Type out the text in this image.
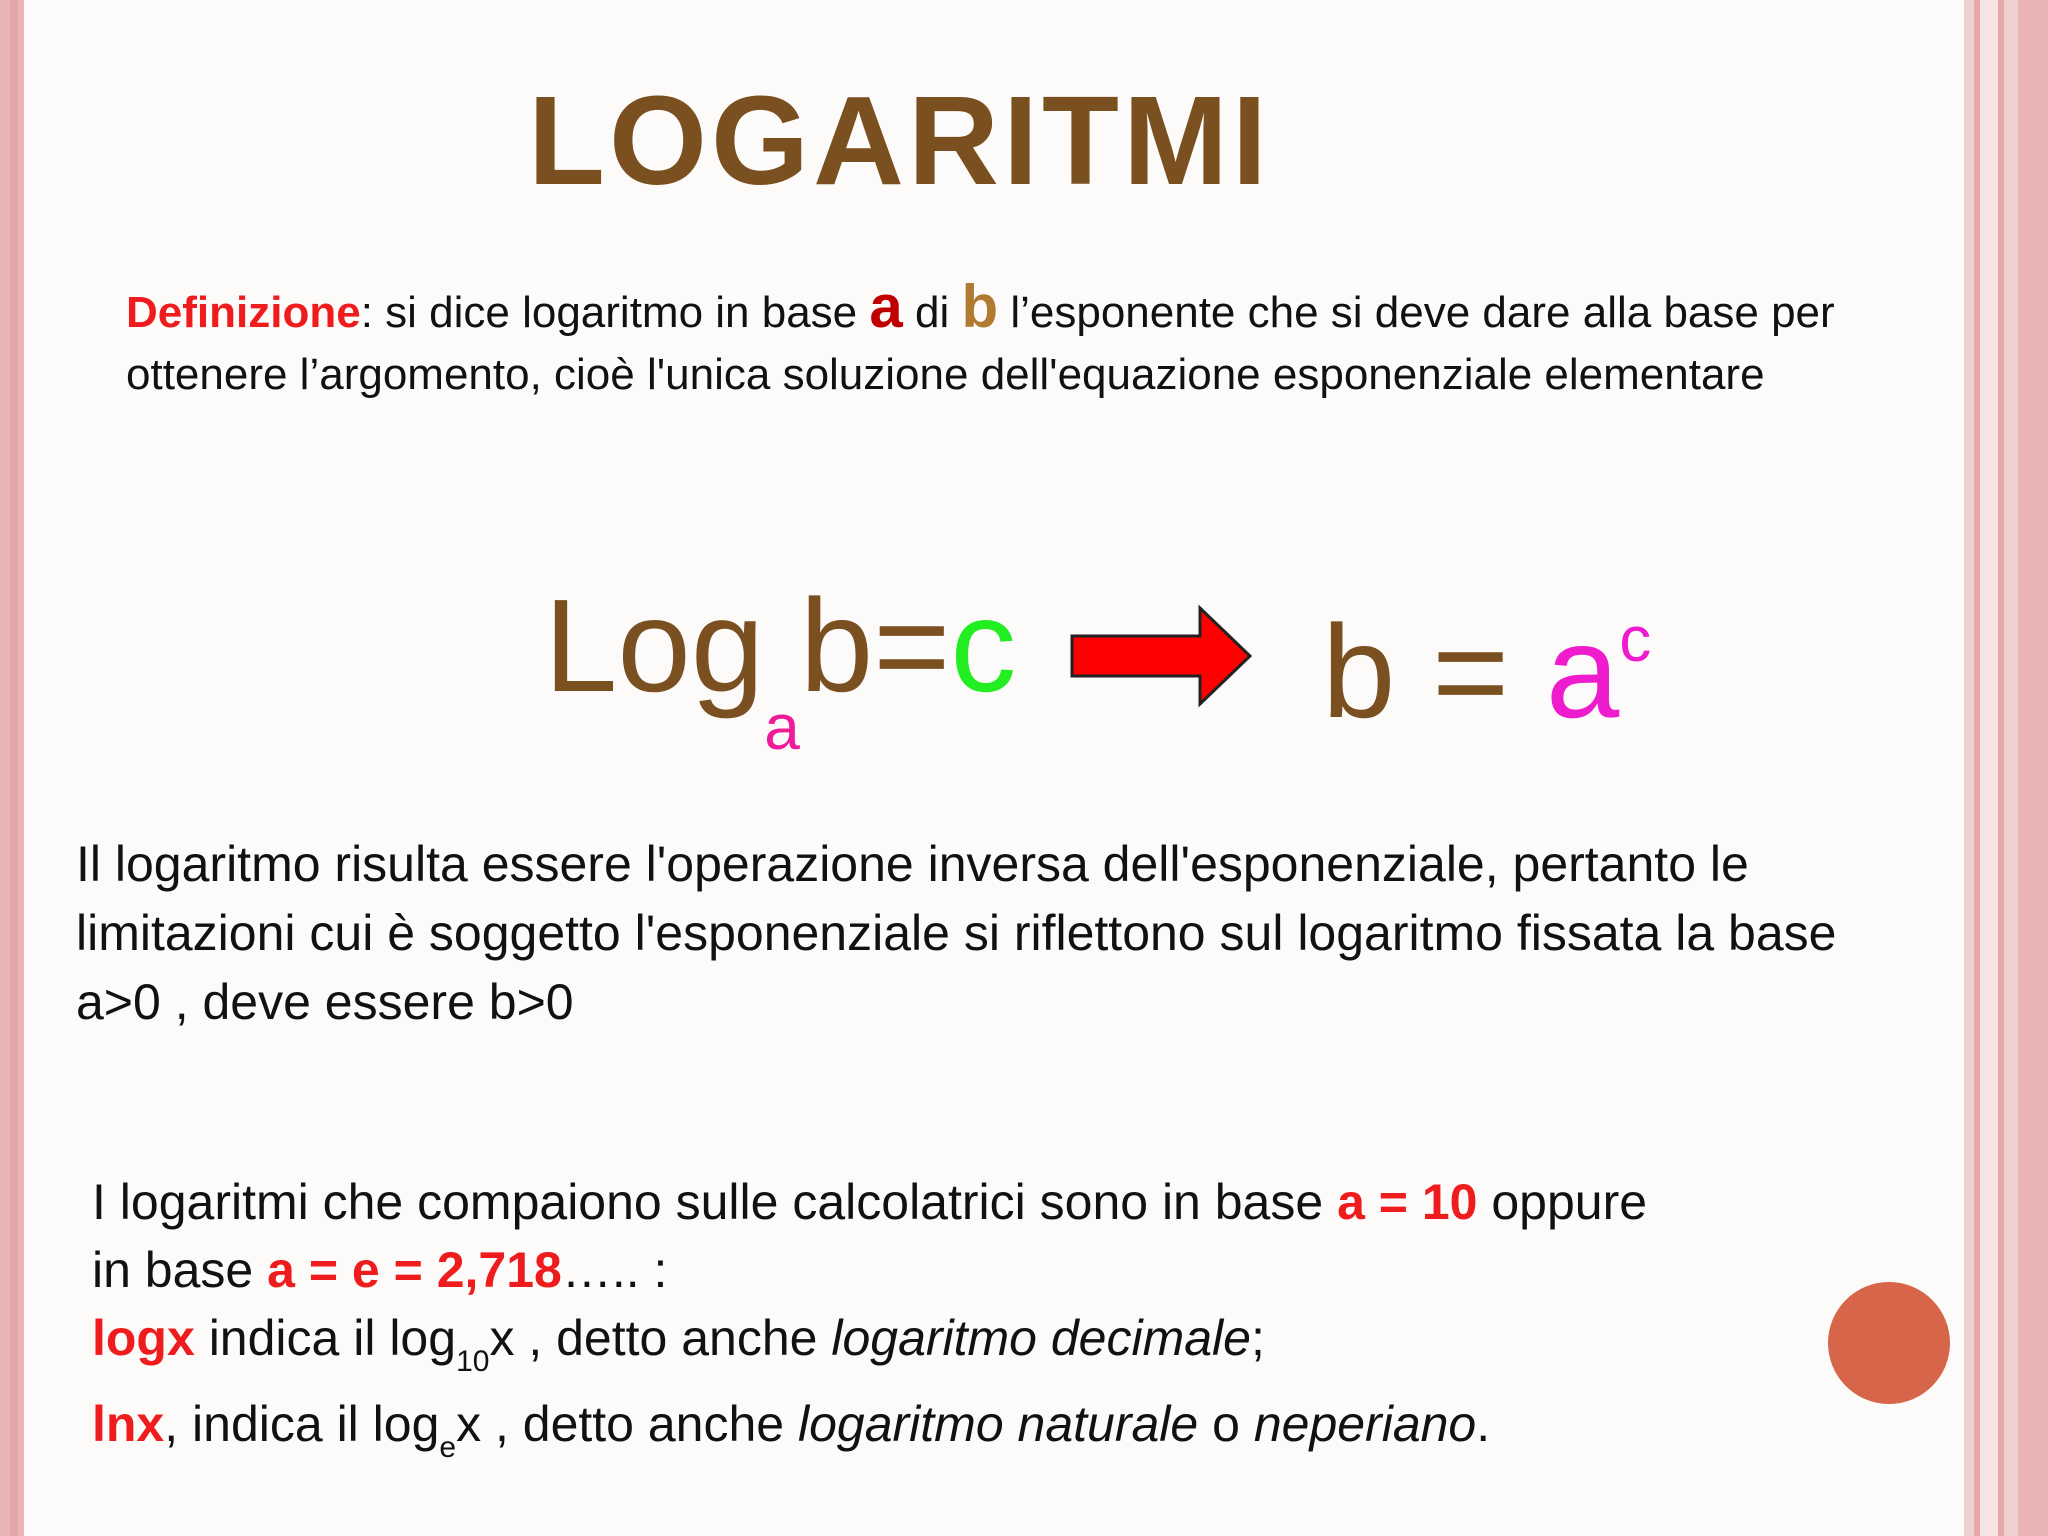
LOGARITMI

Definizione: si dice logaritmo in base a di b l’esponente che si deve dare alla base per ottenere l’argomento, cioè l'unica soluzione dell'equazione esponenziale elementare

Log$_a$b=c $b = a^c$

Il logaritmo risulta essere l'operazione inversa dell'esponenziale, pertanto le limitazioni cui è soggetto l'esponenziale si riflettono sul logaritmo fissata la base a>0 , deve essere b>0

I logaritmi che compaiono sulle calcolatrici sono in base a = 10 oppure
in base a = e = 2,718….. :
logx indica il $\log_{10}x$ , detto anche logaritmo decimale;
lnx, indica il $\log_ex$ , detto anche logaritmo naturale o neperiano.
